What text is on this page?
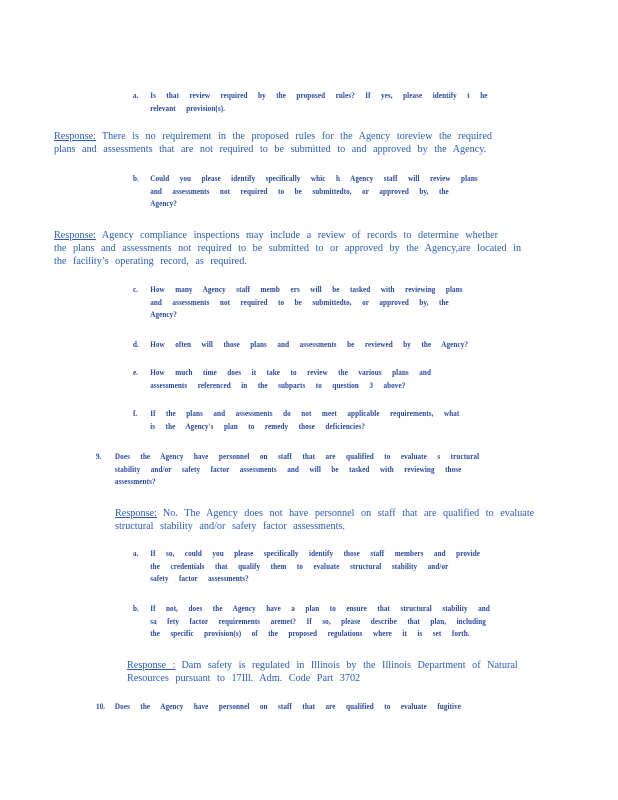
a. Is that review required by the proposed rules? If yes, please identify t he
relevant provision(s).
Response: There is no requirement in the proposed rules for the Agency toreview the required
plans and assessments that are not required to be submitted to and approved by the Agency.
b. Could you please identify specifically whic h Agency staff will review plans
and assessments not required to be submittedto, or approved by, the
Agency?
Response: Agency compliance inspections may include a review of records to determine whether
the plans and assessments not required to be submitted to or approved by the Agency,are located in
the facility’s operating record, as required.
c. How many Agency staff memb ers will be tasked with reviewing plans
and assessments not required to be submittedto, or approved by, the
Agency?
d. How often will those plans and assessments be reviewed by the Agency?
e. How much time does it take to review the various plans and
assessments referenced in the subparts to question 3 above?
f. If the plans and assessments do not meet applicable requirements, what
is the Agency's plan to remedy those deficiencies?
9. Does the Agency have personnel on staff that are qualified to evaluate s tructural
stability and/or safety factor assessments and will be tasked with reviewing those
assessments?
Response: No. The Agency does not have personnel on staff that are qualified to evaluate
structural stability and/or safety factor assessments.
a. If so, could you please specifically identify those staff members and provide
the credentials that qualify them to evaluate structural stability and/or
safety factor assessments?
b. If not, does the Agency have a plan to ensure that structural stability and
sa fety factor requirements aremet? If so, please describe that plan, including
the specific provision(s) of the proposed regulations where it is set forth.
Response : Dam safety is regulated in Illinois by the Illinois Department of Natural
Resources pursuant to 17Ill. Adm. Code Part 3702
10. Does the Agency have personnel on staff that are qualified to evaluate fugitive
